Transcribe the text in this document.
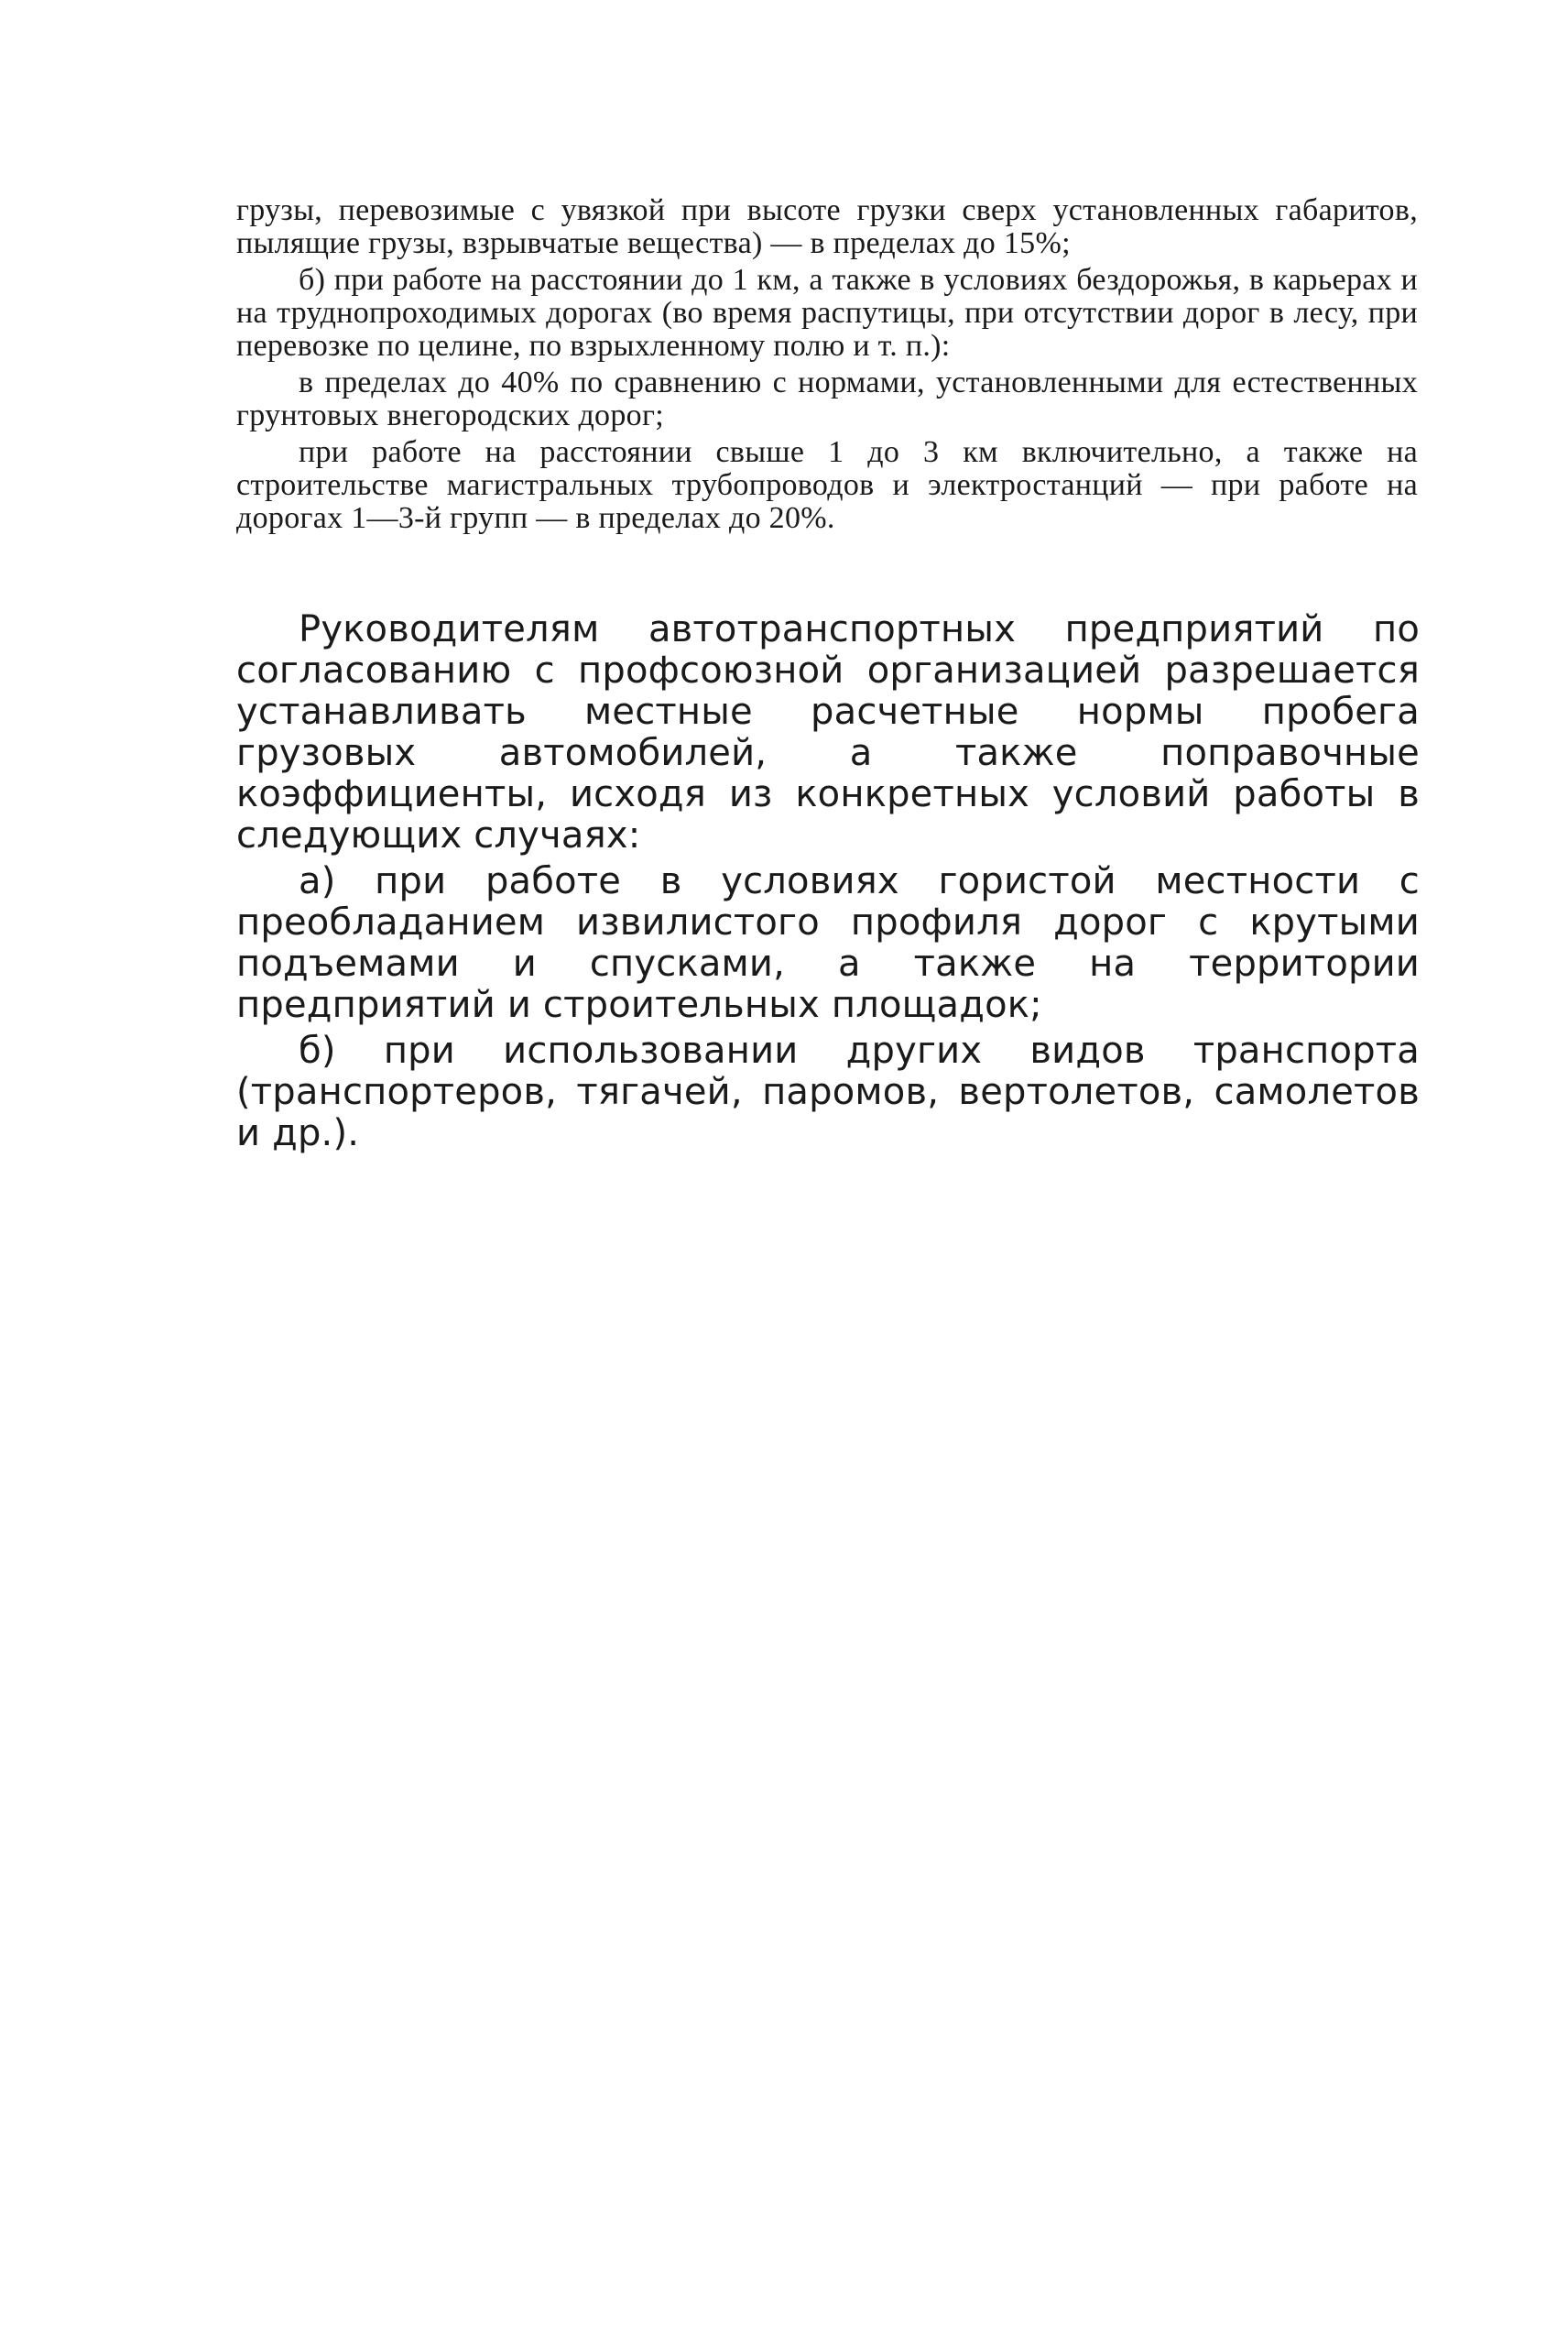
грузы, перевозимые с увязкой при высоте грузки сверх установленных габаритов, пылящие грузы, взрывчатые вещества) — в пределах до 15%;

б) при работе на расстоянии до 1 км, а также в условиях бездорожья, в карьерах и на труднопроходимых дорогах (во время распутицы, при отсутствии дорог в лесу, при перевозке по целине, по взрыхленному полю и т. п.):

в пределах до 40% по сравнению с нормами, установленными для естественных грунтовых внегородских дорог;

при работе на расстоянии свыше 1 до 3 км включительно, а также на строительстве магистральных трубопроводов и электростанций — при работе на дорогах 1—3-й групп — в пределах до 20%.

Руководителям автотранспортных предприятий по согласованию с профсоюзной организацией разрешается устанавливать местные расчетные нормы пробега грузовых автомобилей, а также поправочные коэффициенты, исходя из конкретных условий работы в следующих случаях:

а) при работе в условиях гористой местности с преобладанием извилистого профиля дорог с крутыми подъемами и спусками, а также на территории предприятий и строительных площадок;

б) при использовании других видов транспорта (транспортеров, тягачей, паромов, вертолетов, самолетов и др.).
